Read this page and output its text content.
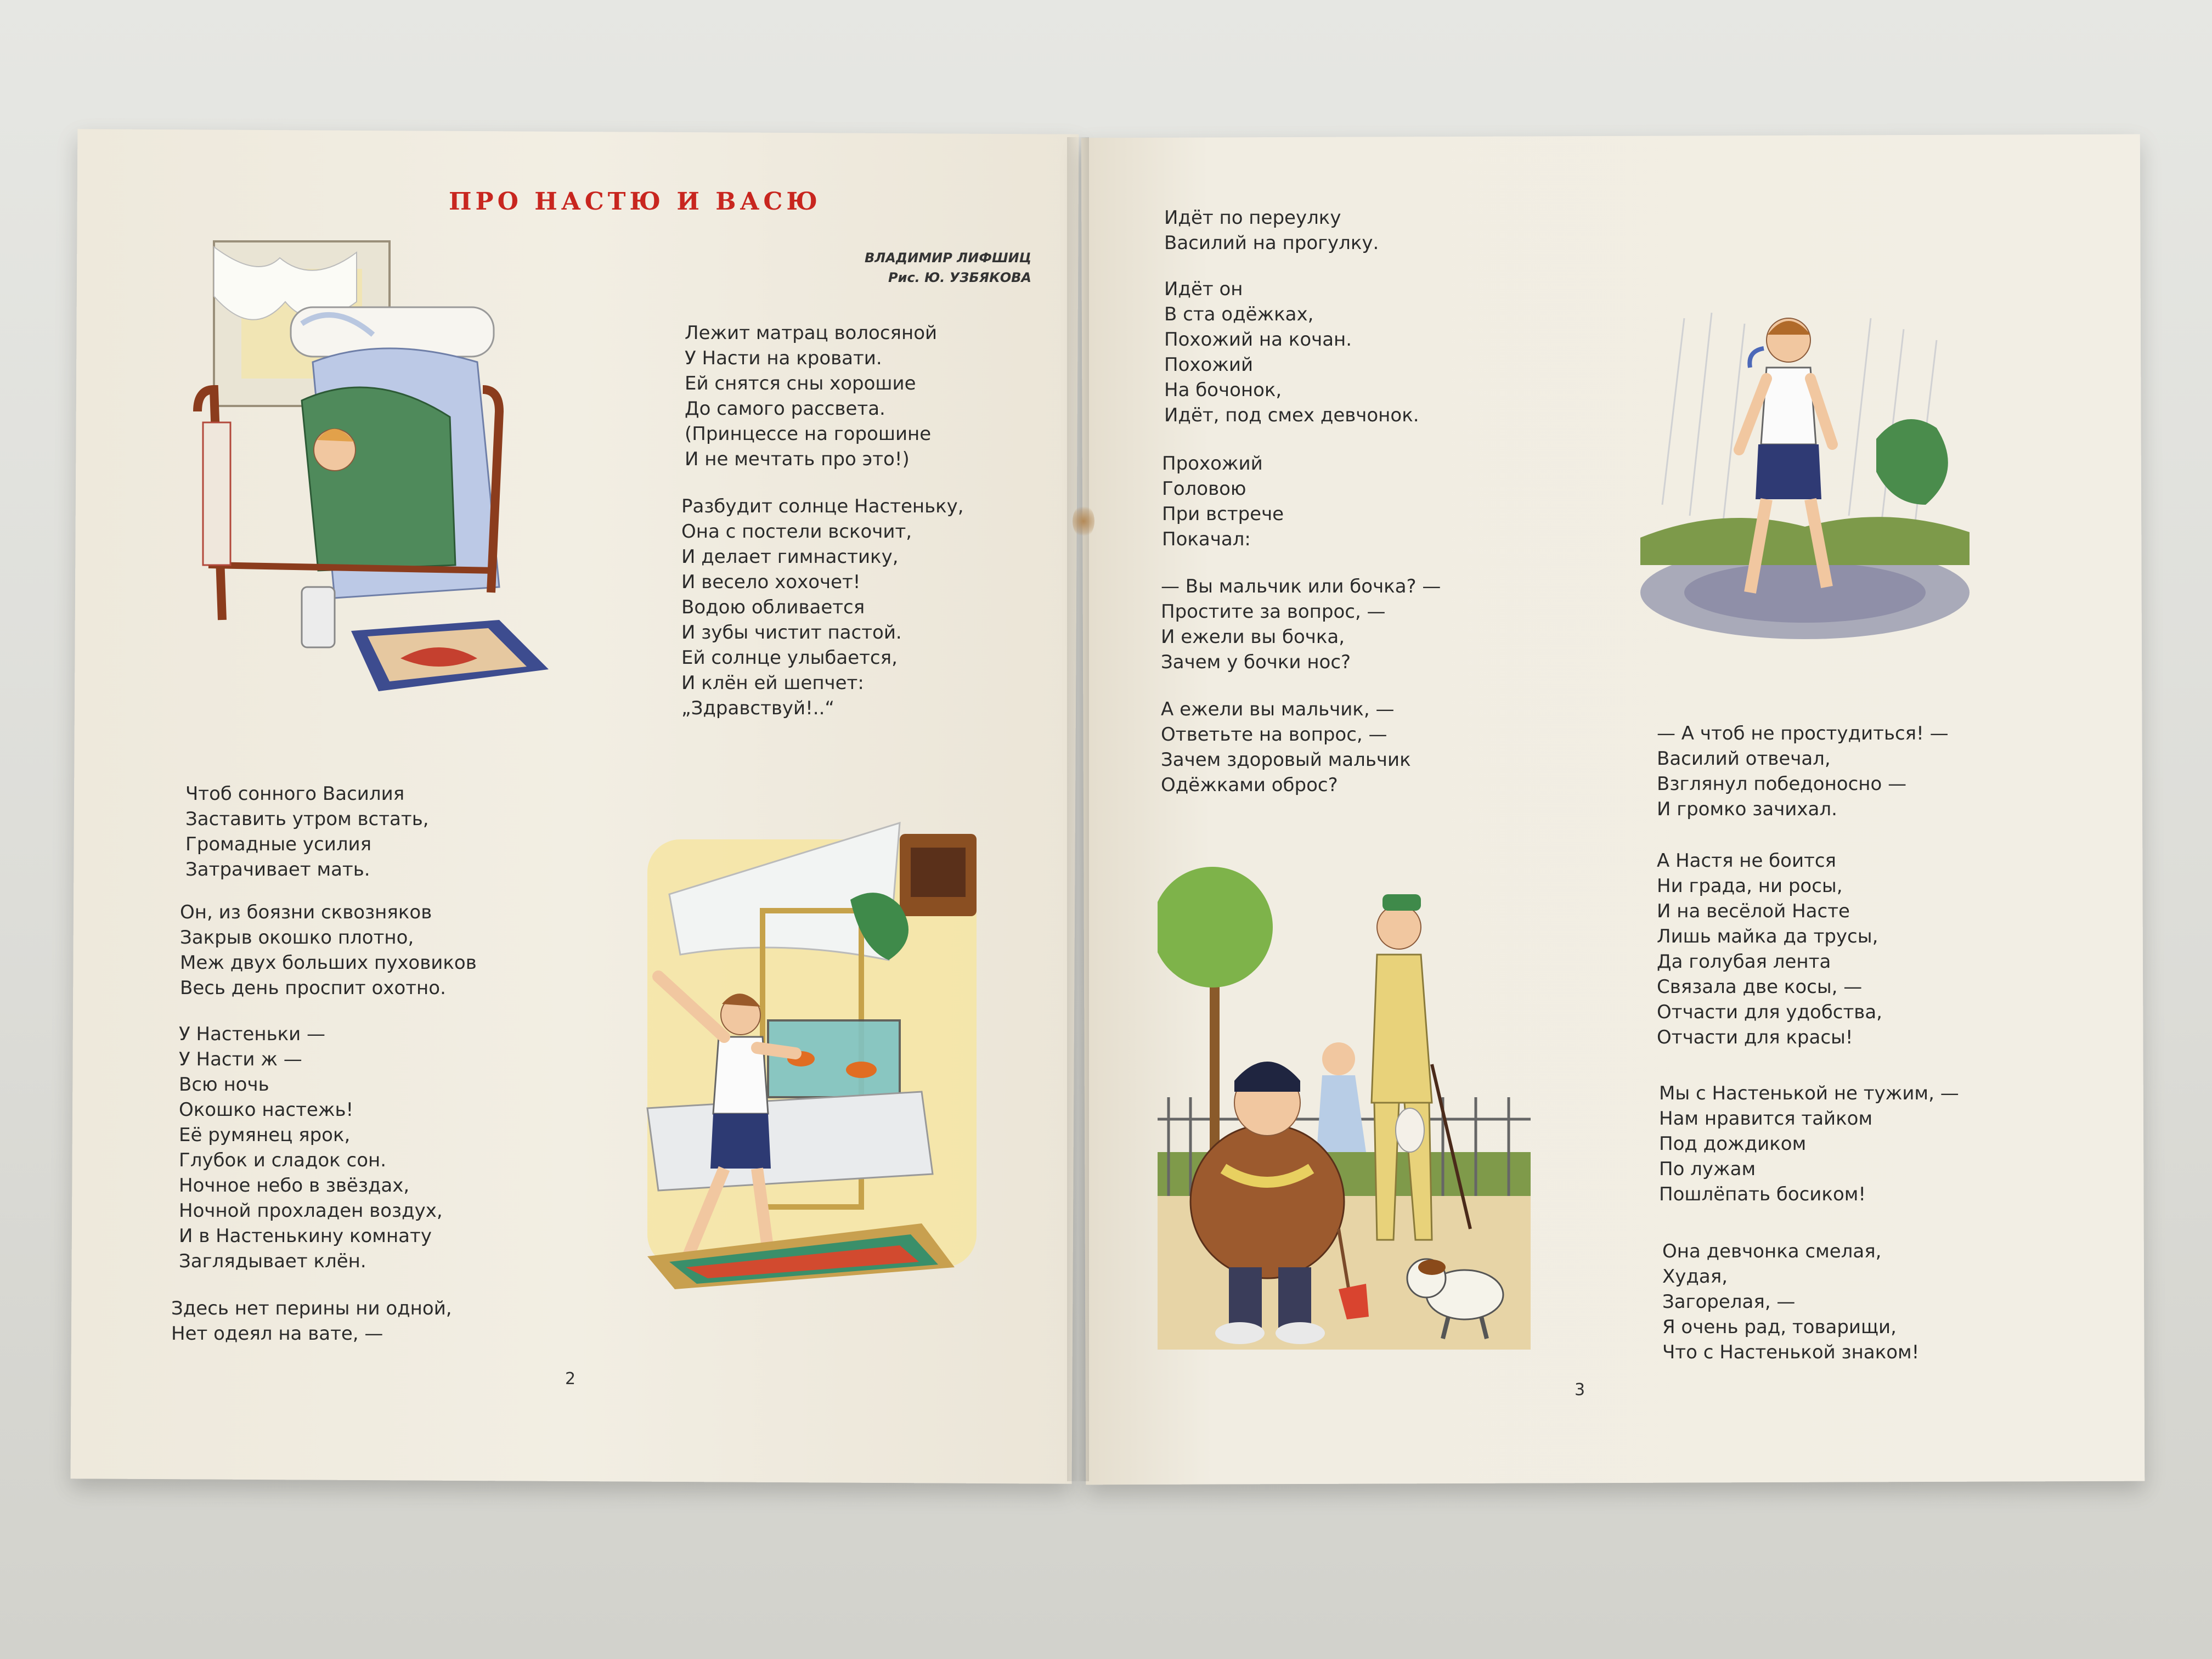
ПРО НАСТЮ И ВАСЮ
ВЛАДИМИР ЛИФШИЦ
Рис. Ю. УЗБЯКОВА
Лежит матрац волосяной
У Насти на кровати.
Ей снятся сны хорошие
До самого рассвета.
(Принцессе на горошине
И не мечтать про это!)
Разбудит солнце Настеньку,
Она с постели вскочит,
И делает гимнастику,
И весело хохочет!
Водою обливается
И зубы чистит пастой.
Ей солнце улыбается,
И клён ей шепчет:
„Здравствуй!..“
Чтоб сонного Василия
Заставить утром встать,
Громадные усилия
Затрачивает мать.
Он, из боязни сквозняков
Закрыв окошко плотно,
Меж двух больших пуховиков
Весь день проспит охотно.
У Настеньки —
У Насти ж —
Всю ночь
Окошко настежь!
Её румянец ярок,
Глубок и сладок сон.
Ночное небо в звёздах,
Ночной прохладен воздух,
И в Настенькину комнату
Заглядывает клён.
Здесь нет перины ни одной,
Нет одеял на вате, —
2
Идёт по переулку
Василий на прогулку.
Идёт он
В ста одёжках,
Похожий на кочан.
Похожий
На бочонок,
Идёт, под смех девчонок.
Прохожий
Головою
При встрече
Покачал:
— Вы мальчик или бочка? —
Простите за вопрос, —
И ежели вы бочка,
Зачем у бочки нос?
А ежели вы мальчик, —
Ответьте на вопрос, —
Зачем здоровый мальчик
Одёжками оброс?
— А чтоб не простудиться! —
Василий отвечал,
Взглянул победоносно —
И громко зачихал.
А Настя не боится
Ни града, ни росы,
И на весёлой Насте
Лишь майка да трусы,
Да голубая лента
Связала две косы, —
Отчасти для удобства,
Отчасти для красы!
Мы с Настенькой не тужим, —
Нам нравится тайком
Под дождиком
По лужам
Пошлёпать босиком!
Она девчонка смелая,
Худая,
Загорелая, —
Я очень рад, товарищи,
Что с Настенькой знаком!
3
